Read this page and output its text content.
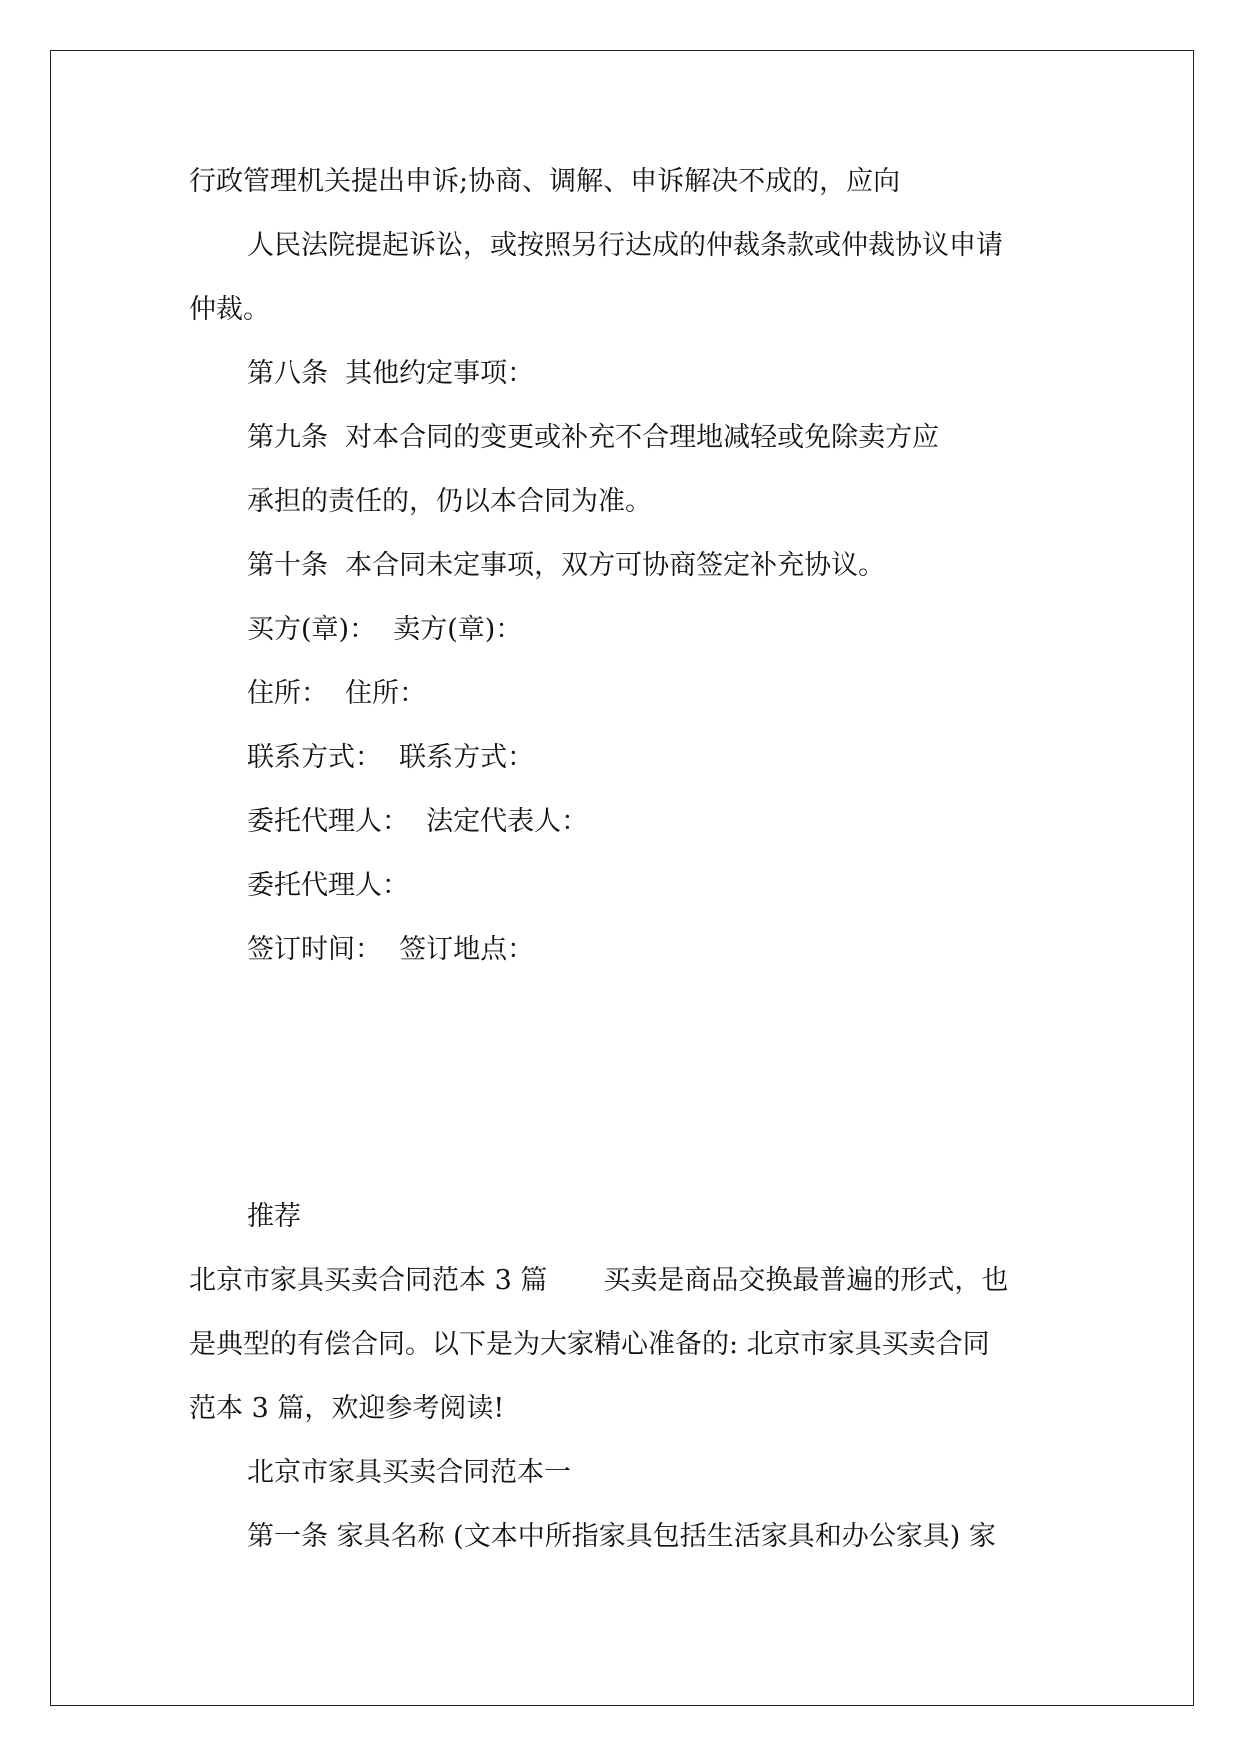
行政管理机关提出申诉;协商、调解、申诉解决不成的，应向
人民法院提起诉讼，或按照另行达成的仲裁条款或仲裁协议申请
仲裁。
第八条  其他约定事项：
第九条  对本合同的变更或补充不合理地减轻或免除卖方应
承担的责任的，仍以本合同为准。
第十条  本合同未定事项，双方可协商签定补充协议。
买方(章)：  卖方(章)：
住所：  住所：
联系方式：  联系方式：
委托代理人：  法定代表人：
委托代理人：
签订时间：  签订地点：
推荐
北京市家具买卖合同范本 3 篇 买卖是商品交换最普遍的形式，也
是典型的有偿合同。以下是为大家精心准备的: 北京市家具买卖合同
范本 3 篇，欢迎参考阅读!
北京市家具买卖合同范本一
第一条 家具名称 (文本中所指家具包括生活家具和办公家具) 家
